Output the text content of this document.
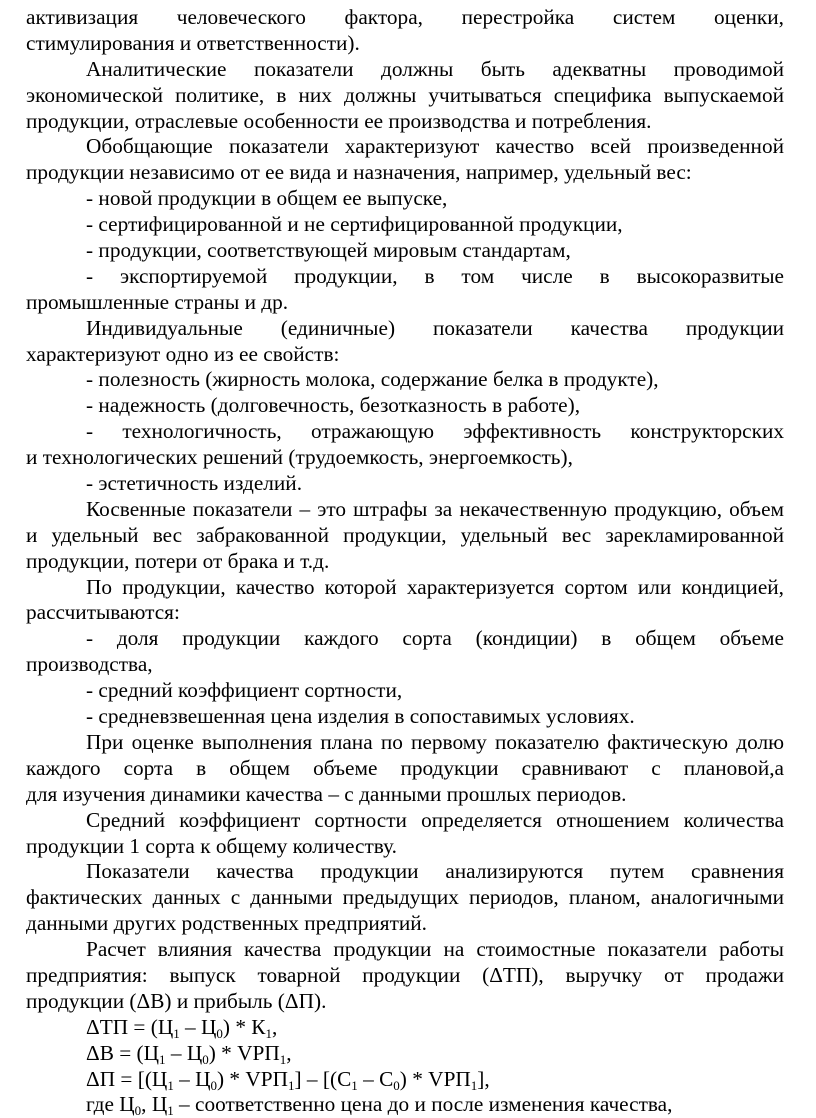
активизация человеческого фактора, перестройка систем оценки,
стимулирования и ответственности).
Аналитические показатели должны быть адекватны проводимой
экономической политике, в них должны учитываться специфика выпускаемой
продукции, отраслевые особенности ее производства и потребления.
Обобщающие показатели характеризуют качество всей произведенной
продукции независимо от ее вида и назначения, например, удельный вес:
- новой продукции в общем ее выпуске,
- сертифицированной и не сертифицированной продукции,
- продукции, соответствующей мировым стандартам,
- экспортируемой продукции, в том числе в высокоразвитые
промышленные страны и др.
Индивидуальные (единичные) показатели качества продукции
характеризуют одно из ее свойств:
- полезность (жирность молока, содержание белка в продукте),
- надежность (долговечность, безотказность в работе),
- технологичность, отражающую эффективность конструкторских
и технологических решений (трудоемкость, энергоемкость),
- эстетичность изделий.
Косвенные показатели – это штрафы за некачественную продукцию, объем
и удельный вес забракованной продукции, удельный вес зарекламированной
продукции, потери от брака и т.д.
По продукции, качество которой характеризуется сортом или кондицией,
рассчитываются:
- доля продукции каждого сорта (кондиции) в общем объеме
производства,
- средний коэффициент сортности,
- средневзвешенная цена изделия в сопоставимых условиях.
При оценке выполнения плана по первому показателю фактическую долю
каждого сорта в общем объеме продукции сравнивают с плановой,а
для изучения динамики качества – с данными прошлых периодов.
Средний коэффициент сортности определяется отношением количества
продукции 1 сорта к общему количеству.
Показатели качества продукции анализируются путем сравнения
фактических данных с данными предыдущих периодов, планом, аналогичными
данными других родственных предприятий.
Расчет влияния качества продукции на стоимостные показатели работы
предприятия: выпуск товарной продукции (ΔТП), выручку от продажи
продукции (ΔВ) и прибыль (ΔП).
$\Delta ТП = (Ц_1 - Ц_0) * К_1$,
$\Delta В = (Ц_1 - Ц_0) * VРП_1$,
$\Delta П = [(Ц_1 - Ц_0) * VРП_1] - [(С_1 - С_0) * VРП_1]$,
где $Ц_0$, $Ц_1$ – соответственно цена до и после изменения качества,
